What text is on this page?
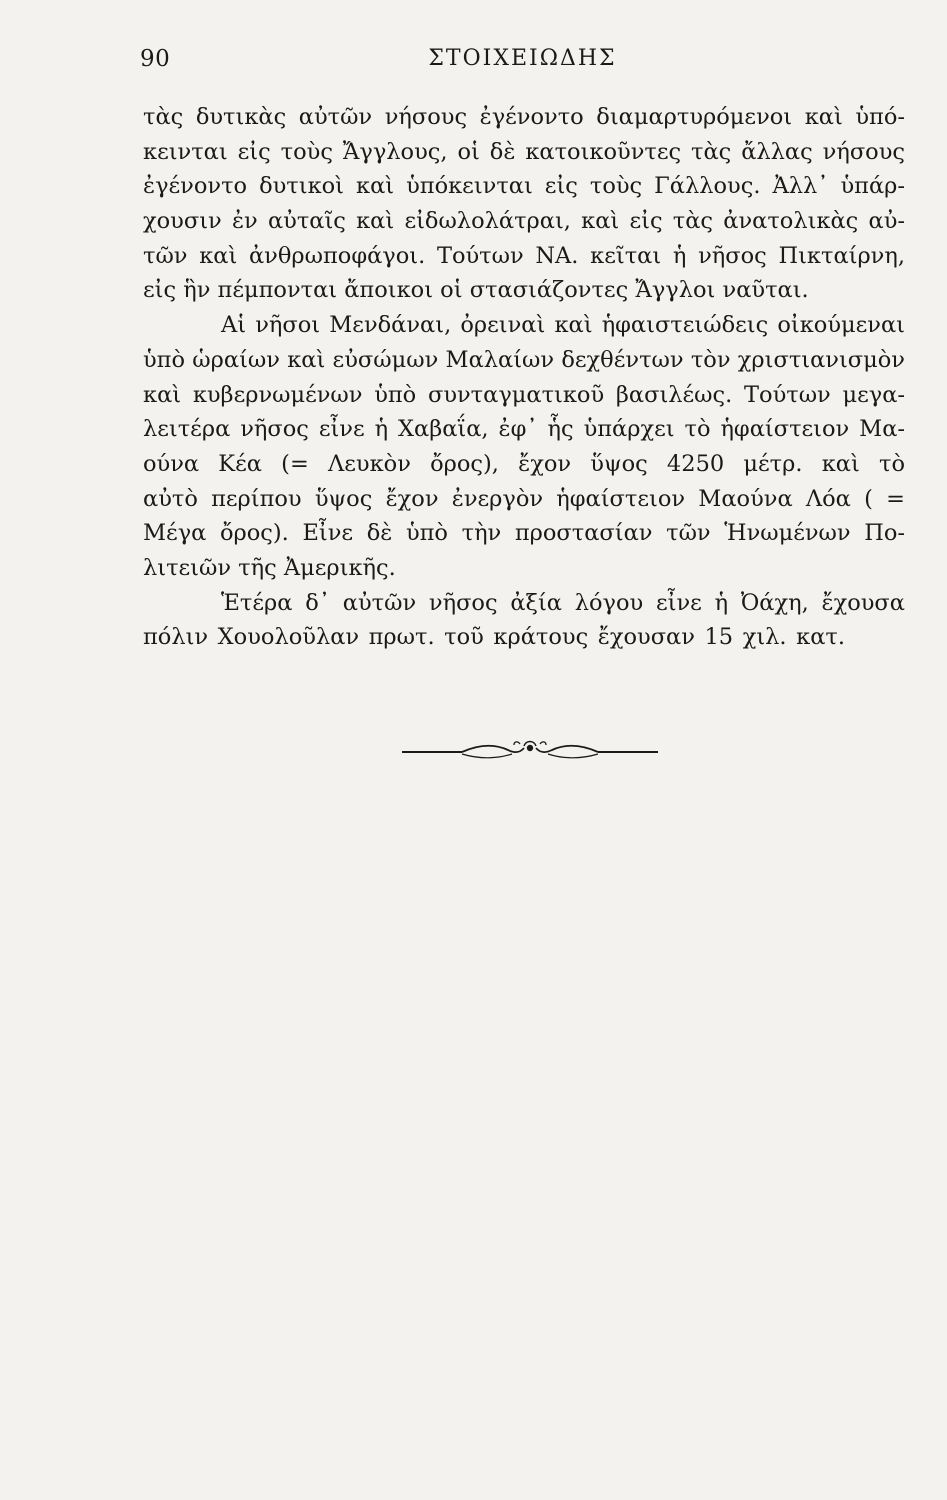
90	ΣΤΟΙΧΕΙΩΔΗΣ

τὰς δυτικὰς αὐτῶν νήσους ἐγένοντο διαμαρτυρόμενοι καὶ ὑπό-
κεινται εἰς τοὺς Ἄγγλους, οἱ δὲ κατοικοῦντες τὰς ἄλλας νήσους
ἐγένοντο δυτικοὶ καὶ ὑπόκεινται εἰς τοὺς Γάλλους. Ἀλλ᾽ ὑπάρ-
χουσιν ἐν αὐταῖς καὶ εἰδωλολάτραι, καὶ εἰς τὰς ἀνατολικὰς αὐ-
τῶν καὶ ἀνθρωποφάγοι. Τούτων ΝΑ. κεῖται ἡ νῆσος Πικταίρνη,
εἰς ἣν πέμπονται ἄποικοι οἱ στασιάζοντες Ἄγγλοι ναῦται.

Αἱ νῆσοι Μενδάναι, ὀρειναὶ καὶ ἡφαιστειώδεις οἰκούμεναι
ὑπὸ ὡραίων καὶ εὐσώμων Μαλαίων δεχθέντων τὸν χριστιανισμὸν
καὶ κυβερνωμένων ὑπὸ συνταγματικοῦ βασιλέως. Τούτων μεγα-
λειτέρα νῆσος εἶνε ἡ Χαβαΐα, ἐφ᾽ ἧς ὑπάρχει τὸ ἡφαίστειον Μα-
ούνα Κέα (= Λευκὸν ὄρος), ἔχον ὕψος 4250 μέτρ. καὶ τὸ
αὐτὸ περίπου ὕψος ἔχον ἐνεργὸν ἡφαίστειον Μαούνα Λόα ( =
Μέγα ὄρος). Εἶνε δὲ ὑπὸ τὴν προστασίαν τῶν Ἡνωμένων Πο-
λιτειῶν τῆς Ἀμερικῆς.

Ἑτέρα δ᾽ αὐτῶν νῆσος ἀξία λόγου εἶνε ἡ Ὀάχη, ἔχουσα
πόλιν Χουολοῦλαν πρωτ. τοῦ κράτους ἔχουσαν 15 χιλ. κατ.
